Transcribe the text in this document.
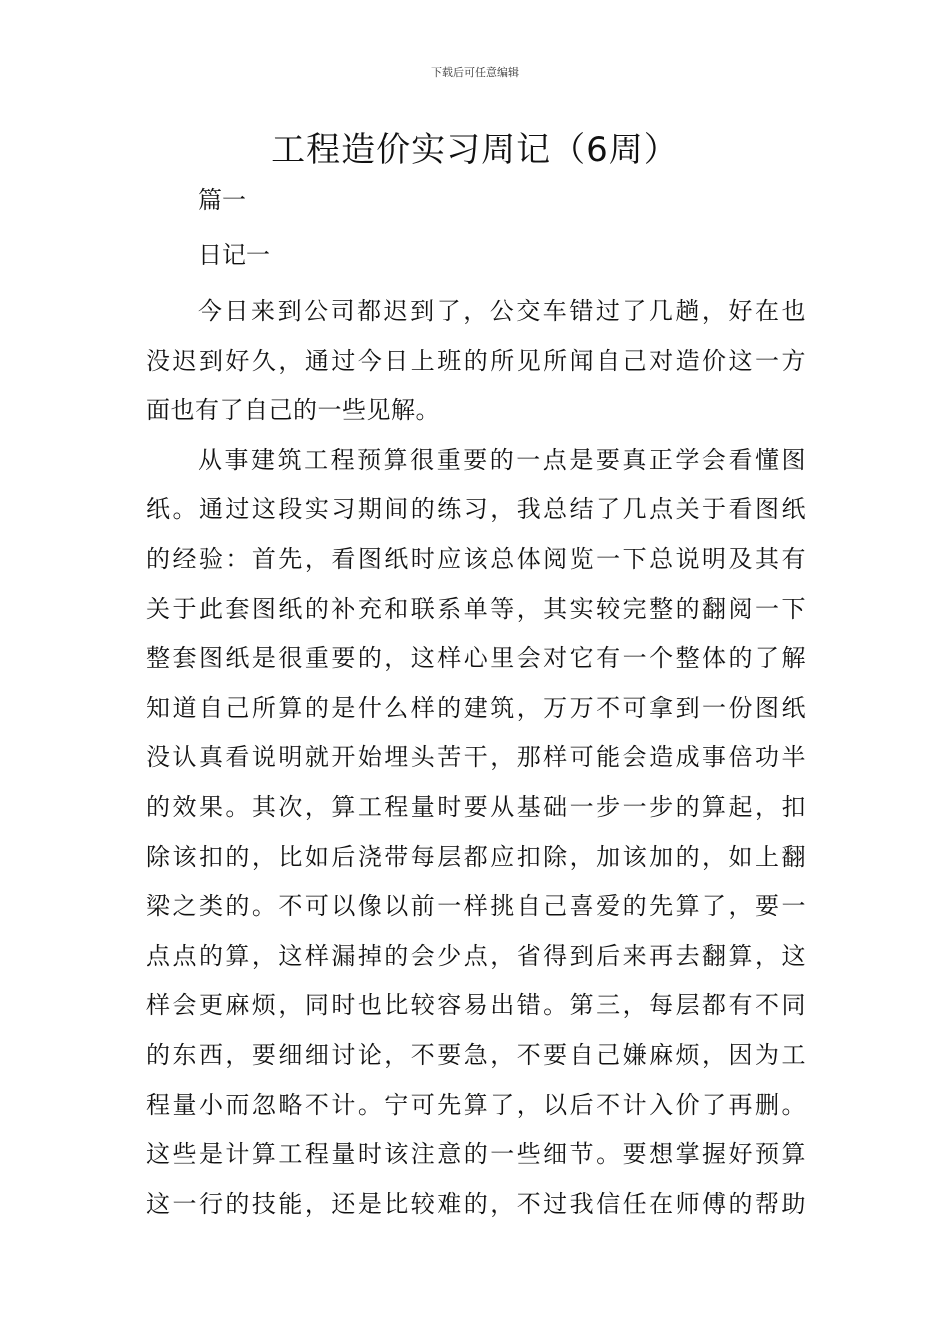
下载后可任意编辑
工程造价实习周记（6周）

篇一

日记一

今日来到公司都迟到了，公交车错过了几趟，好在也

没迟到好久，通过今日上班的所见所闻自己对造价这一方

面也有了自己的一些见解。

从事建筑工程预算很重要的一点是要真正学会看懂图

纸。通过这段实习期间的练习，我总结了几点关于看图纸

的经验：首先，看图纸时应该总体阅览一下总说明及其有

关于此套图纸的补充和联系单等，其实较完整的翻阅一下

整套图纸是很重要的，这样心里会对它有一个整体的了解

知道自己所算的是什么样的建筑，万万不可拿到一份图纸

没认真看说明就开始埋头苦干，那样可能会造成事倍功半

的效果。其次，算工程量时要从基础一步一步的算起，扣

除该扣的，比如后浇带每层都应扣除，加该加的，如上翻

梁之类的。不可以像以前一样挑自己喜爱的先算了，要一

点点的算，这样漏掉的会少点，省得到后来再去翻算，这

样会更麻烦，同时也比较容易出错。第三，每层都有不同

的东西，要细细讨论，不要急，不要自己嫌麻烦，因为工

程量小而忽略不计。宁可先算了，以后不计入价了再删。

这些是计算工程量时该注意的一些细节。要想掌握好预算

这一行的技能，还是比较难的，不过我信任在师傅的帮助
